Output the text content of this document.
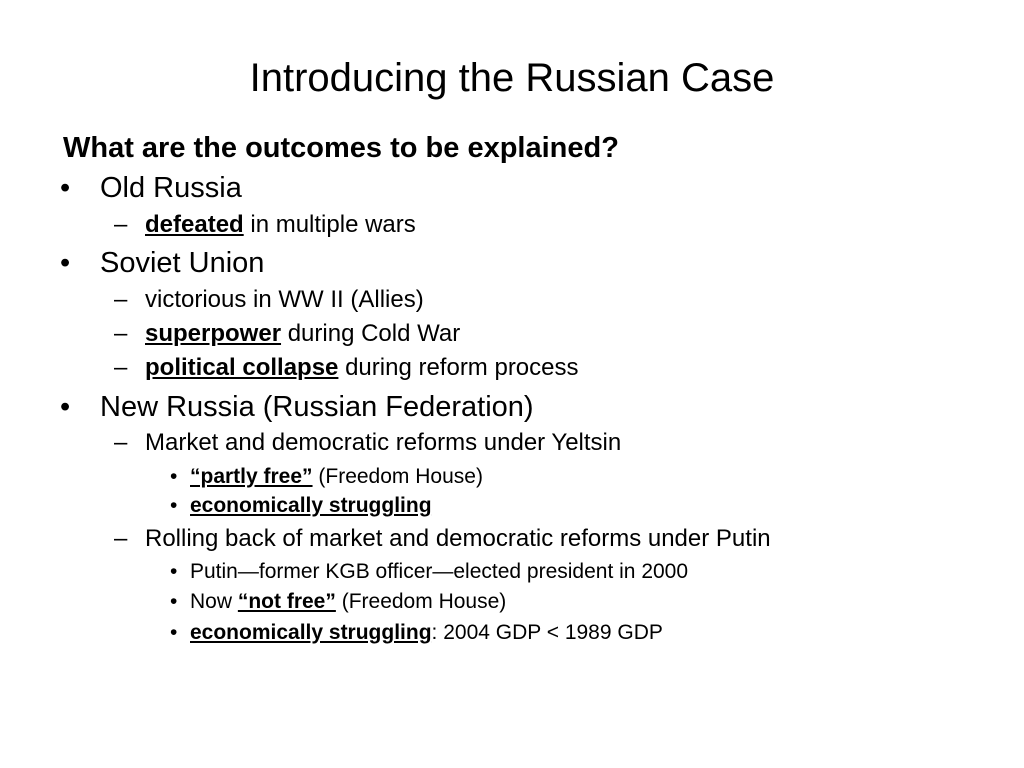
Introducing the Russian Case
What are the outcomes to be explained?
• Old Russia
– defeated in multiple wars
• Soviet Union
– victorious in WW II (Allies)
– superpower during Cold War
– political collapse during reform process
• New Russia (Russian Federation)
– Market and democratic reforms under Yeltsin
• “partly free” (Freedom House)
• economically struggling
– Rolling back of market and democratic reforms under Putin
• Putin—former KGB officer—elected president in 2000
• Now “not free” (Freedom House)
• economically struggling: 2004 GDP < 1989 GDP
